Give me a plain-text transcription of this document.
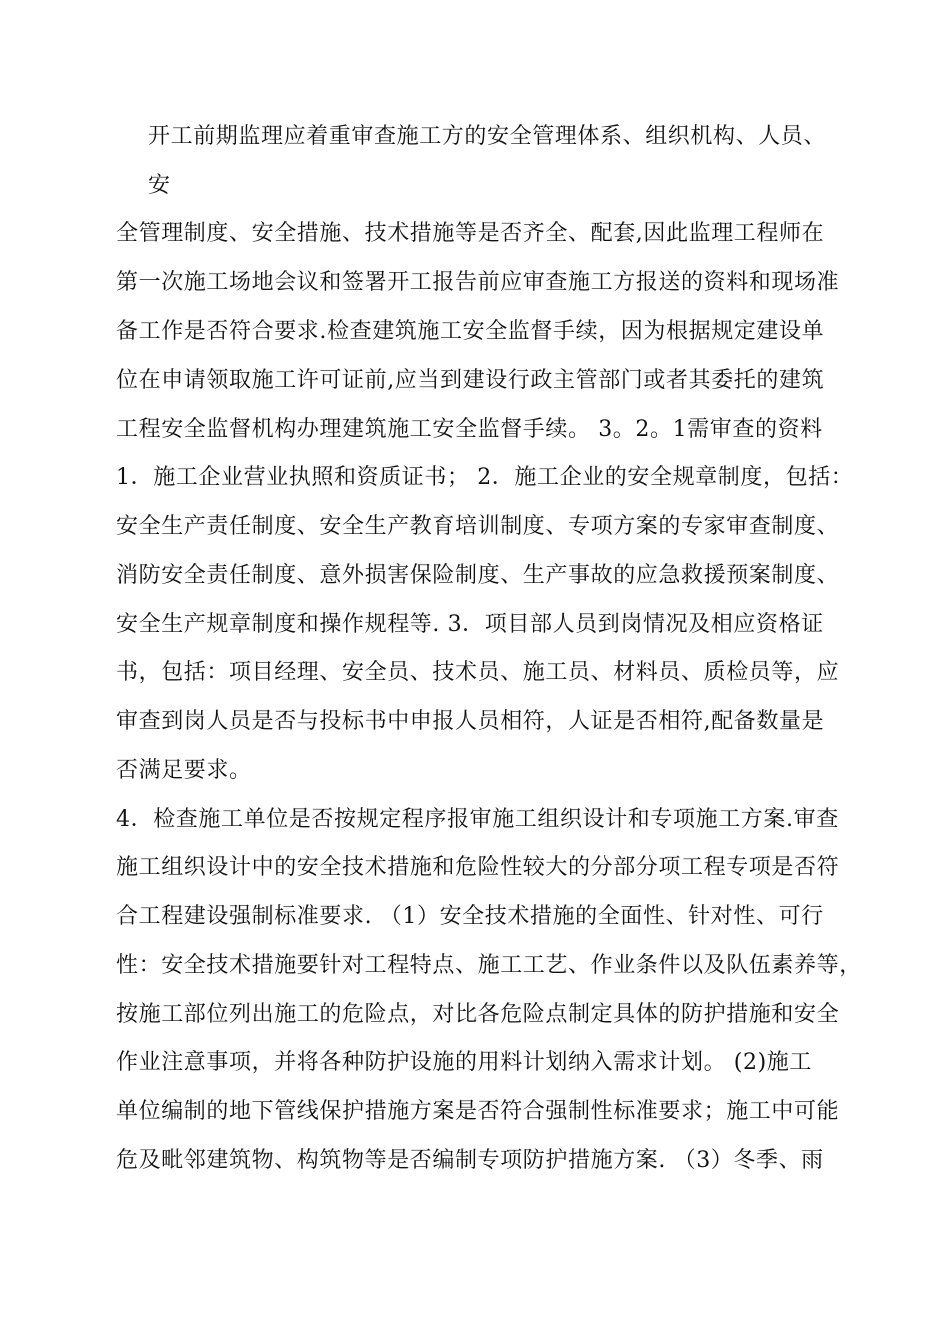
开工前期监理应着重审查施工方的安全管理体系、组织机构、人员、
安
全管理制度、安全措施、技术措施等是否齐全、配套,因此监理工程师在
第一次施工场地会议和签署开工报告前应审查施工方报送的资料和现场准
备工作是否符合要求.检查建筑施工安全监督手续，因为根据规定建设单
位在申请领取施工许可证前,应当到建设行政主管部门或者其委托的建筑
工程安全监督机构办理建筑施工安全监督手续。 3。2。1需审查的资料
1．施工企业营业执照和资质证书； 2．施工企业的安全规章制度，包括：
安全生产责任制度、安全生产教育培训制度、专项方案的专家审查制度、
消防安全责任制度、意外损害保险制度、生产事故的应急救援预案制度、
安全生产规章制度和操作规程等. 3．项目部人员到岗情况及相应资格证
书，包括：项目经理、安全员、技术员、施工员、材料员、质检员等，应
审查到岗人员是否与投标书中申报人员相符，人证是否相符,配备数量是
否满足要求。
4．检查施工单位是否按规定程序报审施工组织设计和专项施工方案.审查
施工组织设计中的安全技术措施和危险性较大的分部分项工程专项是否符
合工程建设强制标准要求. （1）安全技术措施的全面性、针对性、可行
性：安全技术措施要针对工程特点、施工工艺、作业条件以及队伍素养等，
按施工部位列出施工的危险点，对比各危险点制定具体的防护措施和安全
作业注意事项，并将各种防护设施的用料计划纳入需求计划。 (2)施工
单位编制的地下管线保护措施方案是否符合强制性标准要求；施工中可能
危及毗邻建筑物、构筑物等是否编制专项防护措施方案. （3）冬季、雨
